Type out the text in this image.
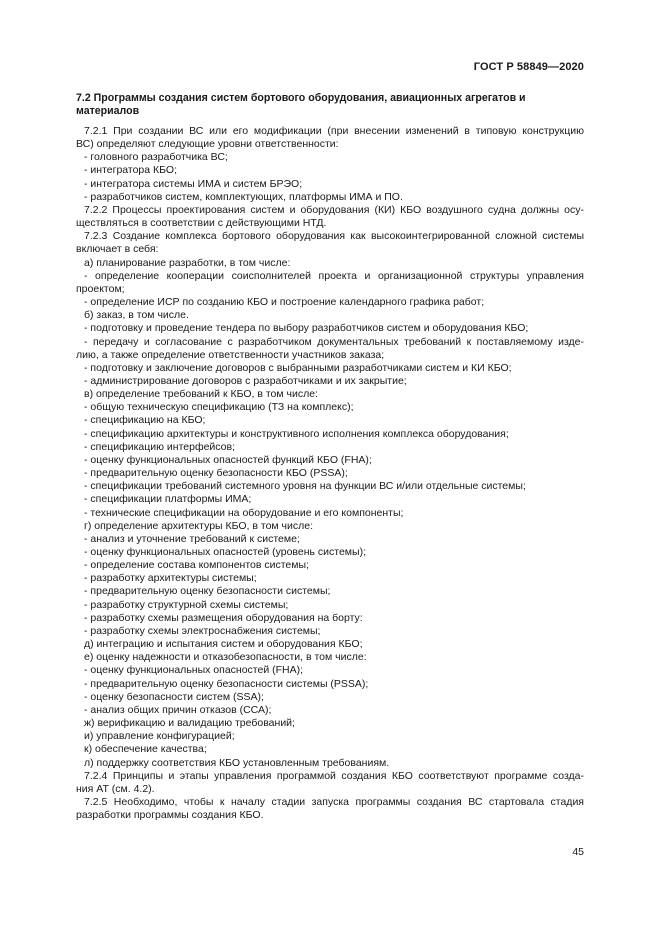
ГОСТ Р 58849—2020
7.2 Программы создания систем бортового оборудования, авиационных агрегатов и
материалов
7.2.1 При создании ВС или его модификации (при внесении изменений в типовую конструкцию
ВС) определяют следующие уровни ответственности:
- головного разработчика ВС;
- интегратора КБО;
- интегратора системы ИМА и систем БРЭО;
- разработчиков систем, комплектующих, платформы ИМА и ПО.
7.2.2 Процессы проектирования систем и оборудования (КИ) КБО воздушного судна должны осу-
ществляться в соответствии с действующими НТД.
7.2.3 Создание комплекса бортового оборудования как высокоинтегрированной сложной системы
включает в себя:
а) планирование разработки, в том числе:
- определение кооперации соисполнителей проекта и организационной структуры управления
проектом;
- определение ИСР по созданию КБО и построение календарного графика работ;
б) заказ, в том числе.
- подготовку и проведение тендера по выбору разработчиков систем и оборудования КБО;
- передачу и согласование с разработчиком документальных требований к поставляемому изде-
лию, а также определение ответственности участников заказа;
- подготовку и заключение договоров с выбранными разработчиками систем и КИ КБО;
- администрирование договоров с разработчиками и их закрытие;
в) определение требований к КБО, в том числе:
- общую техническую спецификацию (ТЗ на комплекс);
- спецификацию на КБО;
- спецификацию архитектуры и конструктивного исполнения комплекса оборудования;
- спецификацию интерфейсов;
- оценку функциональных опасностей функций КБО (FHA);
- предварительную оценку безопасности КБО (PSSA);
- спецификации требований системного уровня на функции ВС и/или отдельные системы;
- спецификации платформы ИМА;
- технические спецификации на оборудование и его компоненты;
г) определение архитектуры КБО, в том числе:
- анализ и уточнение требований к системе;
- оценку функциональных опасностей (уровень системы);
- определение состава компонентов системы;
- разработку архитектуры системы;
- предварительную оценку безопасности системы;
- разработку структурной схемы системы;
- разработку схемы размещения оборудования на борту:
- разработку схемы электроснабжения системы;
д) интеграцию и испытания систем и оборудования КБО;
е) оценку надежности и отказобезопасности, в том числе:
- оценку функциональных опасностей (FHA);
- предварительную оценку безопасности системы (PSSA);
- оценку безопасности систем (SSA);
- анализ общих причин отказов (ССА);
ж) верификацию и валидацию требований;
и) управление конфигурацией;
к) обеспечение качества;
л) поддержку соответствия КБО установленным требованиям.
7.2.4 Принципы и этапы управления программой создания КБО соответствуют программе созда-
ния АТ (см. 4.2).
7.2.5 Необходимо, чтобы к началу стадии запуска программы создания ВС стартовала стадия
разработки программы создания КБО.
45
